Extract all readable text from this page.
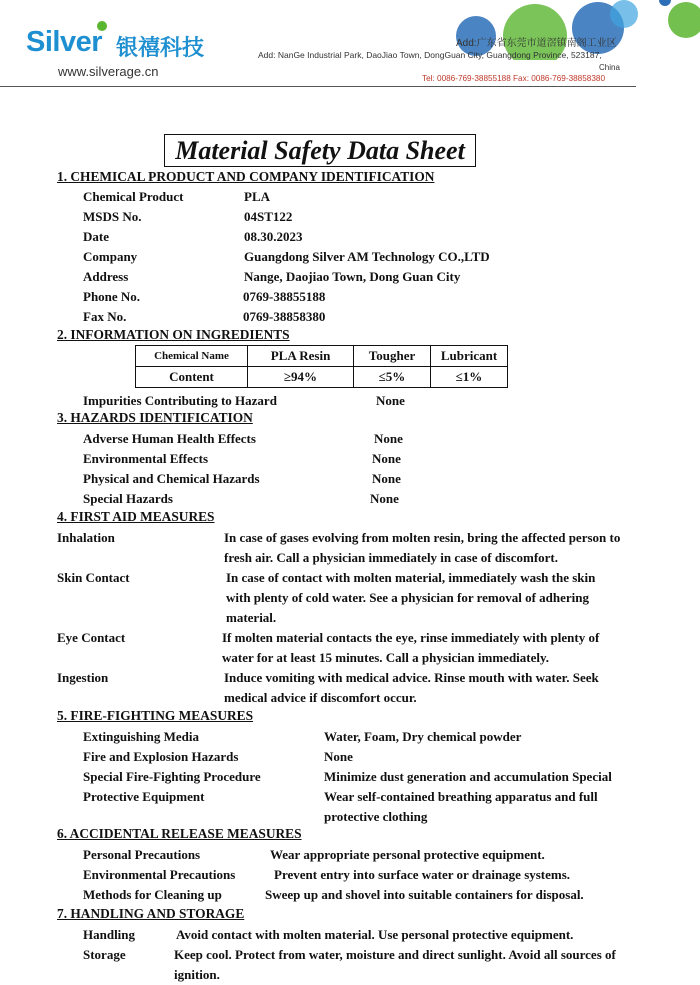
Silver 银禧科技
www.silverage.cn
Add:广东省东莞市道滘镇南阁工业区
Add: NanGe Industrial Park, DaoJiao Town, DongGuan City, Guangdong Province, 523187,
China
Tel: 0086-769-38855188 Fax: 0086-769-38858380
Material Safety Data Sheet
1. CHEMICAL PRODUCT AND COMPANY IDENTIFICATION
Chemical Product	PLA
MSDS No.	04ST122
Date	08.30.2023
Company	Guangdong Silver AM Technology CO.,LTD
Address	Nange, Daojiao Town, Dong Guan City
Phone No.	0769-38855188
Fax No.	0769-38858380
2. INFORMATION ON INGREDIENTS
Chemical Name	PLA Resin	Tougher	Lubricant
Content	≥94%	≤5%	≤1%
Impurities Contributing to Hazard	None
3. HAZARDS IDENTIFICATION
Adverse Human Health Effects	None
Environmental Effects	None
Physical and Chemical Hazards	None
Special Hazards	None
4. FIRST AID MEASURES
Inhalation	In case of gases evolving from molten resin, bring the affected person to fresh air. Call a physician immediately in case of discomfort.
Skin Contact	In case of contact with molten material, immediately wash the skin with plenty of cold water. See a physician for removal of adhering material.
Eye Contact	If molten material contacts the eye, rinse immediately with plenty of water for at least 15 minutes. Call a physician immediately.
Ingestion	Induce vomiting with medical advice. Rinse mouth with water. Seek medical advice if discomfort occur.
5. FIRE-FIGHTING MEASURES
Extinguishing Media	Water, Foam, Dry chemical powder
Fire and Explosion Hazards	None
Special Fire-Fighting Procedure	Minimize dust generation and accumulation Special
Protective Equipment	Wear self-contained breathing apparatus and full protective clothing
6. ACCIDENTAL RELEASE MEASURES
Personal Precautions	Wear appropriate personal protective equipment.
Environmental Precautions	Prevent entry into surface water or drainage systems.
Methods for Cleaning up	Sweep up and shovel into suitable containers for disposal.
7. HANDLING AND STORAGE
Handling	Avoid contact with molten material. Use personal protective equipment.
Storage	Keep cool. Protect from water, moisture and direct sunlight. Avoid all sources of ignition.
